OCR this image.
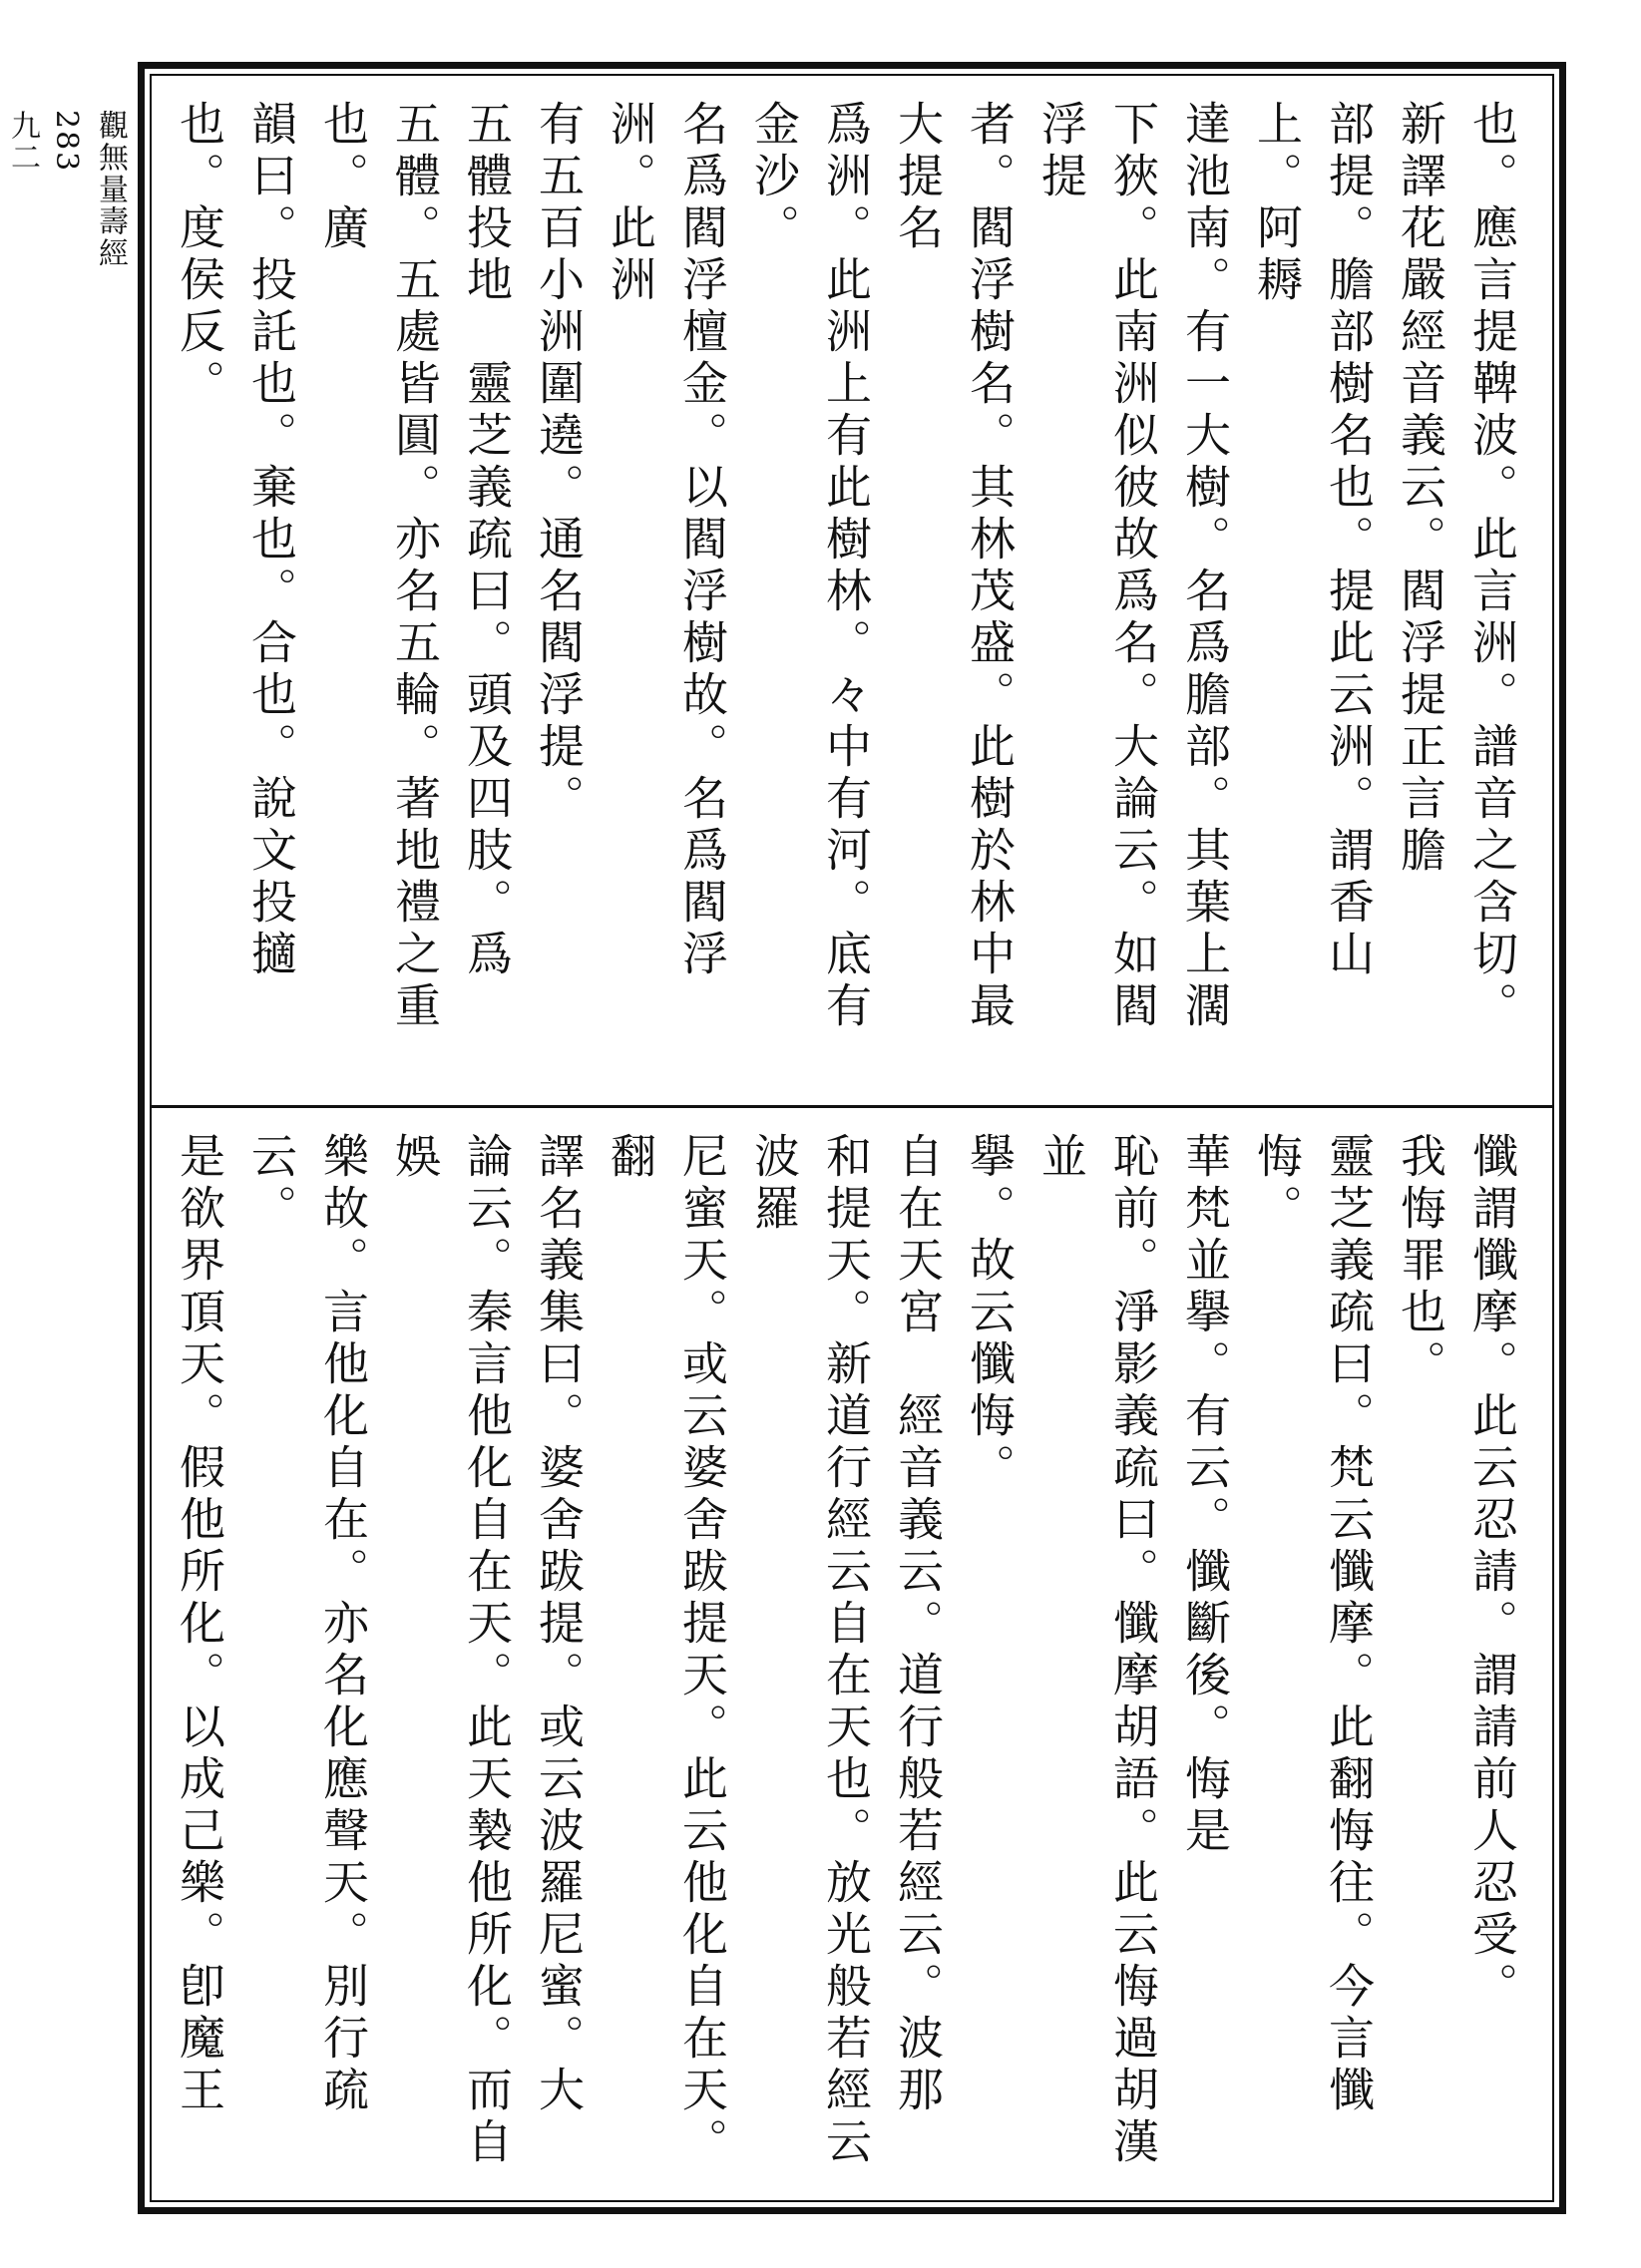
觀無量壽經
283
九二	也。應言提鞞波。此言洲。譜音之含切。

新譯花嚴經音義云。閻浮提正言膽

部提。膽部樹名也。提此云洲。謂香山上。阿耨

達池南。有一大樹。名爲膽部。其葉上濶

下狹。此南洲似彼故爲名。大論云。如閻浮提

者。閻浮樹名。其林茂盛。此樹於林中最大提名

爲洲。此洲上有此樹林。々中有河。底有金沙。

名爲閻浮檀金。以閻浮樹故。名爲閻浮洲。此洲

有五百小洲圍遶。通名閻浮提。

五體投地　靈芝義疏曰。頭及四肢。爲

五體。五處皆圓。亦名五輪。著地禮之重也。廣

韻曰。投託也。棄也。合也。說文投擿也。度侯反。

懺謂懺摩。此云忍請。謂請前人忍受。

我悔罪也。

靈芝義疏曰。梵云懺摩。此翻悔往。今言懺悔。

華梵並擧。有云。懺斷後。悔是

恥前。淨影義疏曰。懺摩胡語。此云悔過胡漢並

擧。故云懺悔。

自在天宮　經音義云。道行般若經云。波那

和提天。新道行經云自在天也。放光般若經云波羅

尼蜜天。或云婆舍跋提天。此云他化自在天。翻

譯名義集曰。婆舍跋提。或云波羅尼蜜。大

論云。秦言他化自在天。此天褺他所化。而自娛

樂故。言他化自在。亦名化應聲天。別行疏云。

是欲界頂天。假他所化。以成己樂。卽魔王
